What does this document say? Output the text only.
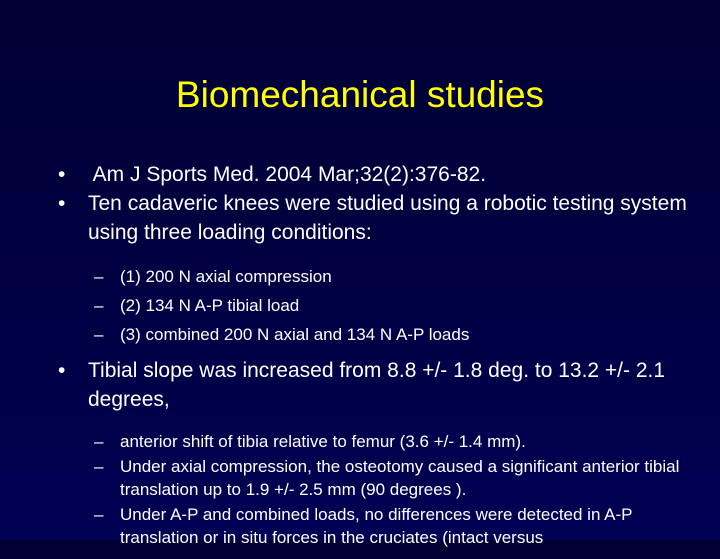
Biomechanical studies
• Am J Sports Med. 2004 Mar;32(2):376-82.
• Ten cadaveric knees were studied using a robotic testing system using three loading conditions:
– (1) 200 N axial compression
– (2) 134 N A-P tibial load
– (3) combined 200 N axial and 134 N A-P loads
• Tibial slope was increased from 8.8 +/- 1.8 deg. to 13.2 +/- 2.1 degrees,
– anterior shift of tibia relative to femur (3.6 +/- 1.4 mm).
– Under axial compression, the osteotomy caused a significant anterior tibial translation up to 1.9 +/- 2.5 mm (90 degrees ).
– Under A-P and combined loads, no differences were detected in A-P translation or in situ forces in the cruciates (intact versus
